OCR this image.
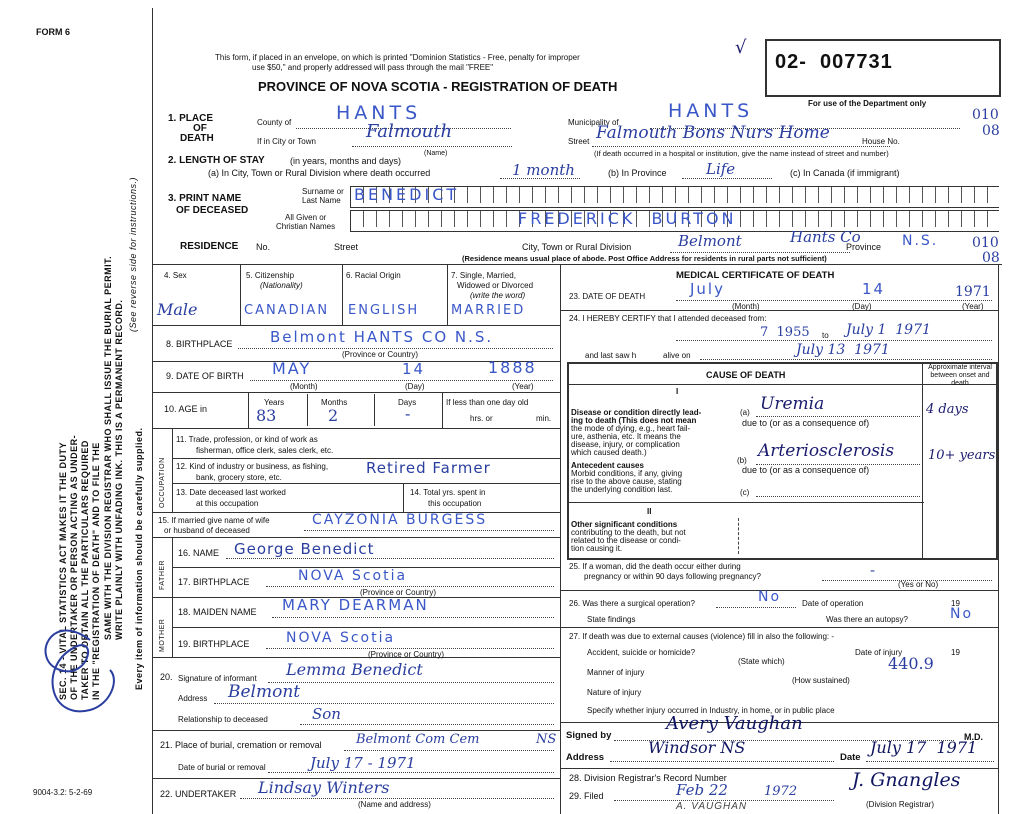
FORM 6
This form, if placed in an envelope, on which is printed "Dominion Statistics - Free, penalty for improper
use $50," and properly addressed will pass through the mail "FREE"
PROVINCE OF NOVA SCOTIA - REGISTRATION OF DEATH
√
02-  007731
For use of the Department only
SEC. 14 - VITAL STATISTICS ACT MAKES IT THE DUTY OF THE UNDERTAKER OR PERSON ACTING AS UNDER- TAKER TO OBTAIN ALL THE PARTICULARS REQUIRED IN THE "REGISTRATION OF DEATH" AND TO FILE THE SAME WITH THE DIVISION REGISTRAR WHO SHALL ISSUE THE BURIAL PERMIT. WRITE PLAINLY WITH UNFADING INK. THIS IS A PERMANENT RECORD.
(See reverse side for instructions.)
Every item of information should be carefully supplied.
9004-3.2: 5-2-69
1. PLACE
OF
DEATH
County of HANTS	Municipality of
HANTS	010
If in City or Town	Falmouth
(Name)
Street Falmouth Bons Nurs Home	House No.
08
(If death occurred in a hospital or institution, give the name instead of street and number)
2. LENGTH OF STAY	(in years, months and days)
(a) In City, Town or Rural Division where death occurred	1 month	(b) In Province	Life	(c) In Canada (if immigrant)
3. PRINT NAME
OF DECEASED
Surname or
Last Name
All Given or
Christian Names
BENEDICT
FREDERICK  BURTON
RESIDENCE No.	Street	City, Town or Rural Division	Belmont	Hants Co
Province N.S. 010
08
(Residence means usual place of abode. Post Office Address for residents in rural parts not sufficient)
4. Sex
Male
5. Citizenship
(Nationality)
CANADIAN
6. Racial Origin
ENGLISH
7. Single, Married,
Widowed or Divorced
(write the word)
MARRIED
8. BIRTHPLACE	Belmont HANTS CO N.S.
(Province or Country)
9. DATE OF BIRTH MAY	14	1888
(Month)	(Day)	(Year)
10. AGE in
Years
83
Months
2
Days
-
If less than one day old
hrs. or	min.
OCCUPATION
11. Trade, profession, or kind of work as
fisherman, office clerk, sales clerk, etc.
12. Kind of industry or business, as fishing,
bank, grocery store, etc.
Retired Farmer
13. Date deceased last worked
at this occupation
14. Total yrs. spent in
this occupation
15. If married give name of wife
or husband of deceased
CAYZONIA BURGESS
FATHER
16. NAME George Benedict
17. BIRTHPLACE	NOVA Scotia
(Province or Country)
MOTHER
18. MAIDEN NAME MARY DEARMAN
19. BIRTHPLACE	NOVA Scotia
(Province or Country)
20. Signature of informant Lemma Benedict
Address Belmont
Relationship to deceased	Son
21. Place of burial, cremation or removal	Belmont Com Cem	NS
Date of burial or removal	July 17 - 1971
22. UNDERTAKER Lindsay Winters
(Name and address)
MEDICAL CERTIFICATE OF DEATH
23. DATE OF DEATH	July	14	1971
(Month)	(Day)	(Year)
24. I HEREBY CERTIFY that I attended deceased from:
7  1955 to July 1  1971
and last saw h	alive on	July 13  1971
CAUSE OF DEATH
Approximate interval between onset and death
I
Disease or condition directly lead-
ing to death (This does not mean
the mode of dying, e.g., heart fail-
ure, asthenia, etc. It means the
disease, injury, or complication
which caused death.)
Antecedent causes
Morbid conditions, if any, giving
rise to the above cause, stating
the underlying condition last.
(a) Uremia	4 days
due to (or as a consequence of)
(b) Arteriosclerosis	10+ years
due to (or as a consequence of)
(c)
II
Other significant conditions
contributing to the death, but not
related to the disease or condi-
tion causing it.
25. If a woman, did the death occur either during
pregnancy or within 90 days following pregnancy?	-
(Yes or No)
26. Was there a surgical operation?	No	Date of operation	19
State findings	Was there an autopsy?	No
27. If death was due to external causes (violence) fill in also the following: -
Accident, suicide or homicide?	Date of injury	19
(State which)	440.9
Manner of injury
(How sustained)
Nature of injury
Specify whether injury occurred in Industry, in home, or in public place
Signed by
Avery Vaughan
M.D.
Address
Windsor NS
Date
July 17  1971
28. Division Registrar's Record Number
29. Filed	Feb 22	1972
A. VAUGHAN
J. Gnangles
(Division Registrar)
